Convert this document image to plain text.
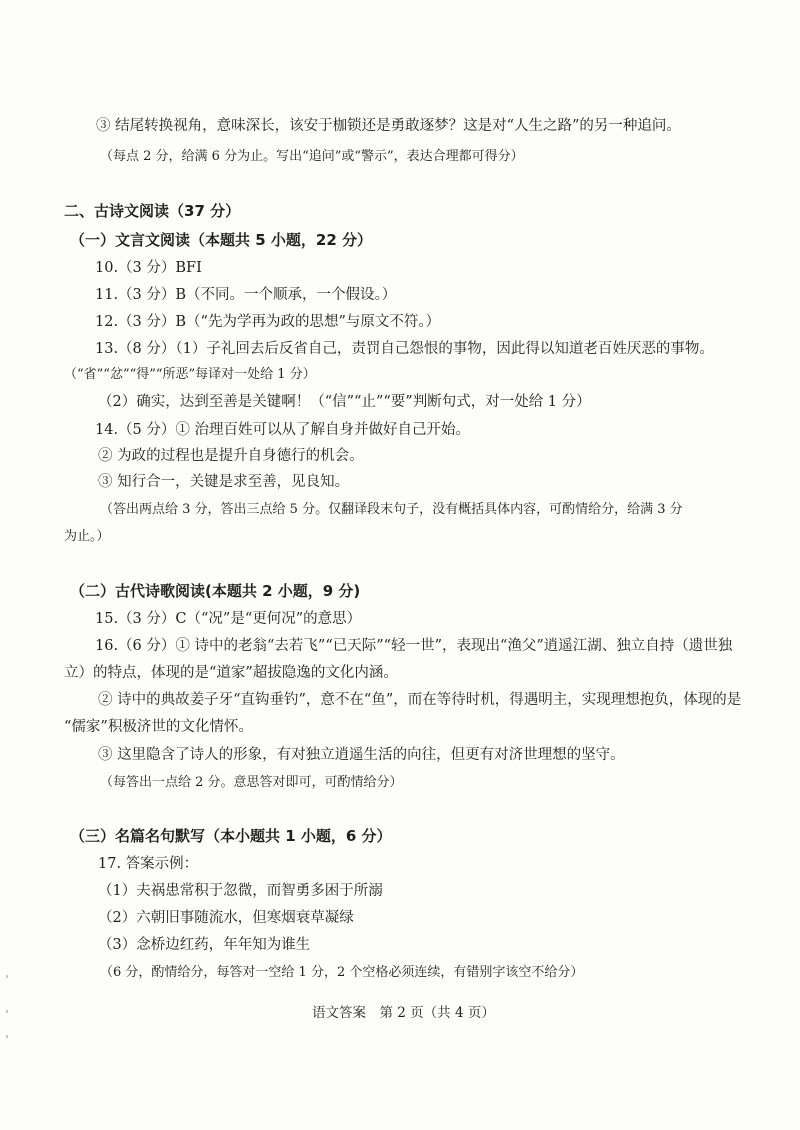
③ 结尾转换视角，意味深长，该安于枷锁还是勇敢逐梦？这是对“人生之路”的另一种追问。
（每点 2 分，给满 6 分为止。写出“追问”或“警示”，表达合理都可得分）
二、古诗文阅读（37 分）
（一）文言文阅读（本题共 5 小题，22 分）
10.（3 分）BFI
11.（3 分）B（不同。一个顺承，一个假设。）
12.（3 分）B（“先为学再为政的思想”与原文不符。）
13.（8 分）（1）子礼回去后反省自己，责罚自己怨恨的事物，因此得以知道老百姓厌恶的事物。
（“省”“忿”“得”“所恶”每译对一处给 1 分）
（2）确实，达到至善是关键啊！（“信”“止”“要”判断句式，对一处给 1 分）
14.（5 分）① 治理百姓可以从了解自身并做好自己开始。
② 为政的过程也是提升自身德行的机会。
③ 知行合一，关键是求至善，见良知。
（答出两点给 3 分，答出三点给 5 分。仅翻译段末句子，没有概括具体内容，可酌情给分，给满 3 分
为止。）
（二）古代诗歌阅读(本题共 2 小题，9 分)
15.（3 分）C（“况”是“更何况”的意思）
16.（6 分）① 诗中的老翁“去若飞”“已天际”“轻一世”，表现出“渔父”逍遥江湖、独立自持（遗世独
立）的特点，体现的是“道家”超拔隐逸的文化内涵。
② 诗中的典故姜子牙“直钩垂钓”，意不在“鱼”，而在等待时机，得遇明主，实现理想抱负，体现的是
“儒家”积极济世的文化情怀。
③ 这里隐含了诗人的形象，有对独立逍遥生活的向往，但更有对济世理想的坚守。
（每答出一点给 2 分。意思答对即可，可酌情给分）
（三）名篇名句默写（本小题共 1 小题，6 分）
17. 答案示例：
（1）夫祸患常积于忽微，而智勇多困于所溺
（2）六朝旧事随流水，但寒烟衰草凝绿
（3）念桥边红药，年年知为谁生
（6 分，酌情给分，每答对一空给 1 分，2 个空格必须连续，有错别字该空不给分）
语文答案　第 2 页（共 4 页）
